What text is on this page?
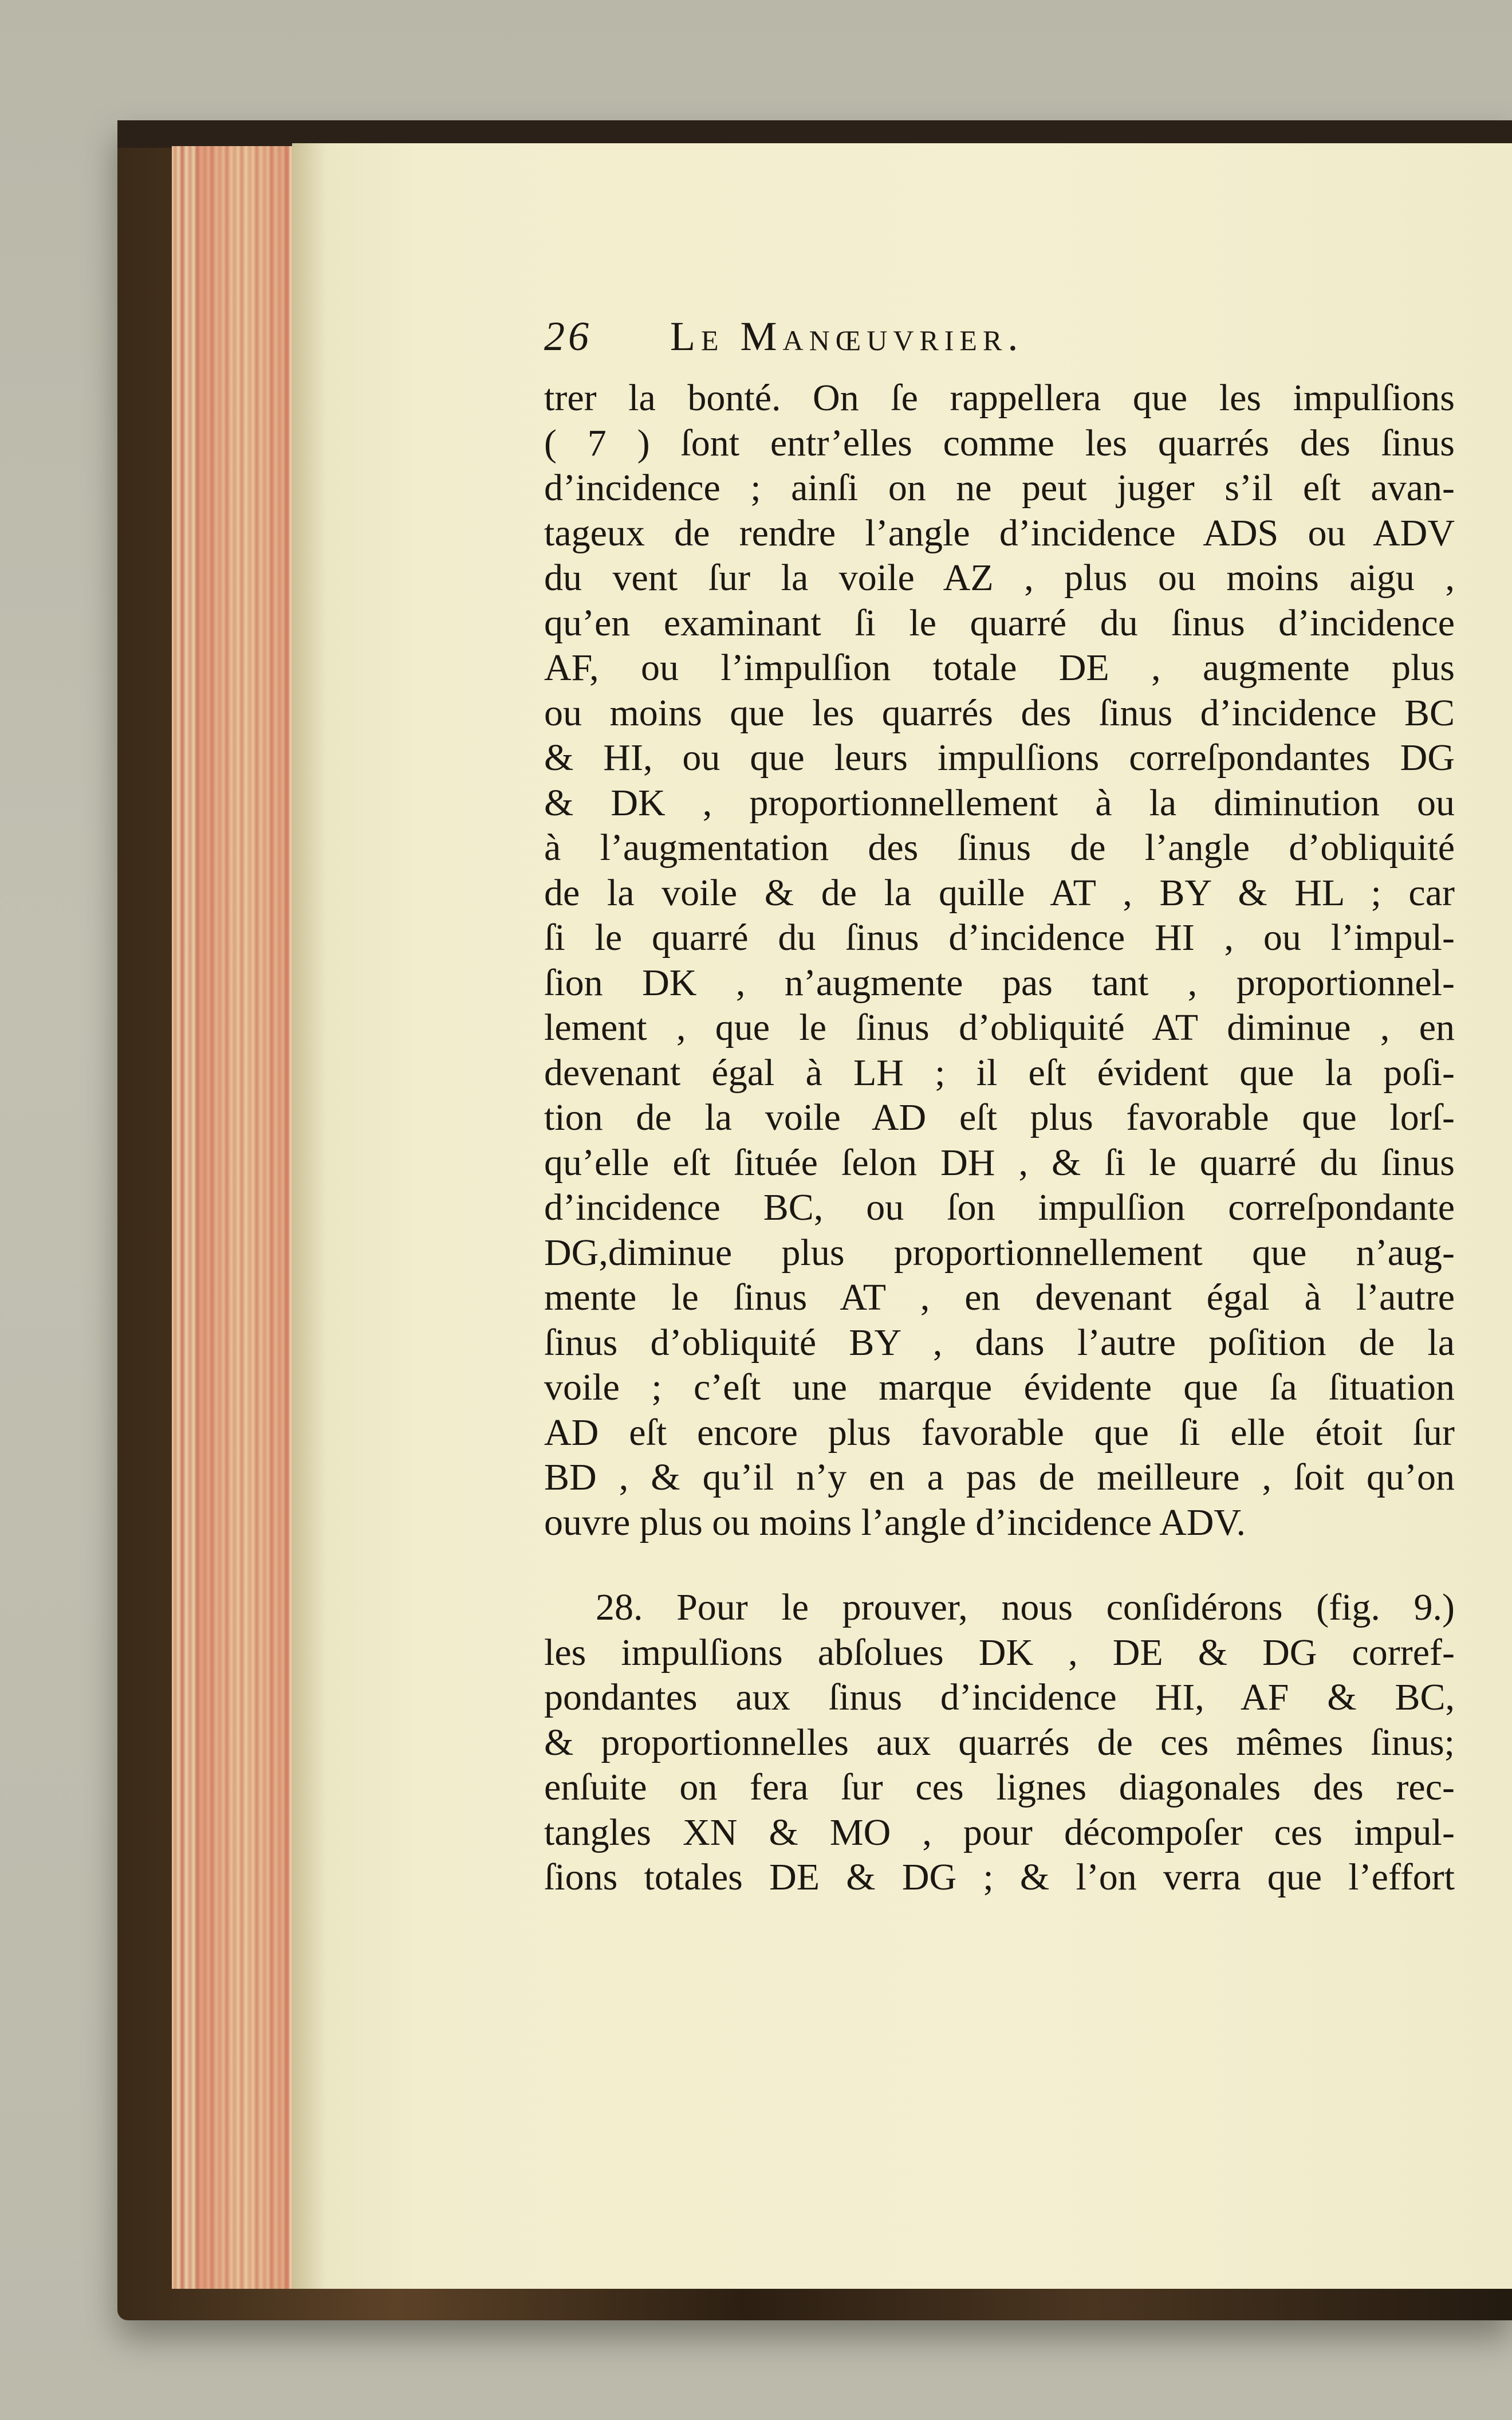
26	Le Manœuvrier.
trer la bonté. On ſe rappellera que les impulſions
( 7 ) ſont entr’elles comme les quarrés des ſinus
d’incidence ; ainſi on ne peut juger s’il eſt avan-
tageux de rendre l’angle d’incidence ADS ou ADV
du vent ſur la voile AZ , plus ou moins aigu ,
qu’en examinant ſi le quarré du ſinus d’incidence
AF, ou l’impulſion totale DE , augmente plus
ou moins que les quarrés des ſinus d’incidence BC
& HI, ou que leurs impulſions correſpondantes DG
& DK , proportionnellement à la diminution ou
à l’augmentation des ſinus de l’angle d’obliquité
de la voile & de la quille AT , BY & HL ; car
ſi le quarré du ſinus d’incidence HI , ou l’impul-
ſion DK , n’augmente pas tant , proportionnel-
lement , que le ſinus d’obliquité AT diminue , en
devenant égal à LH ; il eſt évident que la poſi-
tion de la voile AD eſt plus favorable que lorſ-
qu’elle eſt ſituée ſelon DH , & ſi le quarré du ſinus
d’incidence BC, ou ſon impulſion correſpondante
DG,diminue plus proportionnellement que n’aug-
mente le ſinus AT , en devenant égal à l’autre
ſinus d’obliquité BY , dans l’autre poſition de la
voile ; c’eſt une marque évidente que ſa ſituation
AD eſt encore plus favorable que ſi elle étoit ſur
BD , & qu’il n’y en a pas de meilleure , ſoit qu’on
ouvre plus ou moins l’angle d’incidence ADV.
28. Pour le prouver, nous conſidérons (fig. 9.)
les impulſions abſolues DK , DE & DG corref-
pondantes aux ſinus d’incidence HI, AF & BC,
& proportionnelles aux quarrés de ces mêmes ſinus;
enſuite on fera ſur ces lignes diagonales des rec-
tangles XN & MO , pour décompoſer ces impul-
ſions totales DE & DG ; & l’on verra que l’effort
